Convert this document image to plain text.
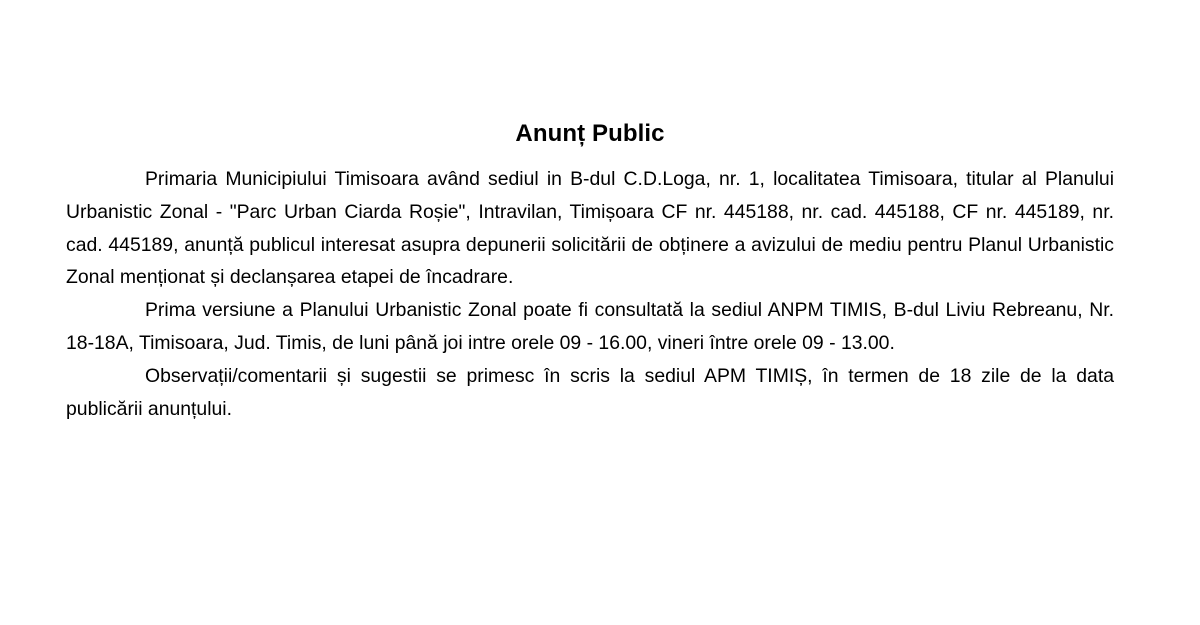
Anunț Public

Primaria Municipiului Timisoara având sediul in B-dul C.D.Loga, nr. 1, localitatea Timisoara, titular al Planului Urbanistic Zonal - "Parc Urban Ciarda Roșie", Intravilan, Timișoara CF nr. 445188, nr. cad. 445188, CF nr. 445189, nr. cad. 445189, anunță publicul interesat asupra depunerii solicitării de obținere a avizului de mediu pentru Planul Urbanistic Zonal menționat și declanșarea etapei de încadrare.

Prima versiune a Planului Urbanistic Zonal poate fi consultată la sediul ANPM TIMIS, B-dul Liviu Rebreanu, Nr. 18-18A, Timisoara, Jud. Timis, de luni până joi intre orele 09 - 16.00, vineri între orele 09 - 13.00.

Observații/comentarii și sugestii se primesc în scris la sediul APM TIMIȘ, în termen de 18 zile de la data publicării anunțului.
